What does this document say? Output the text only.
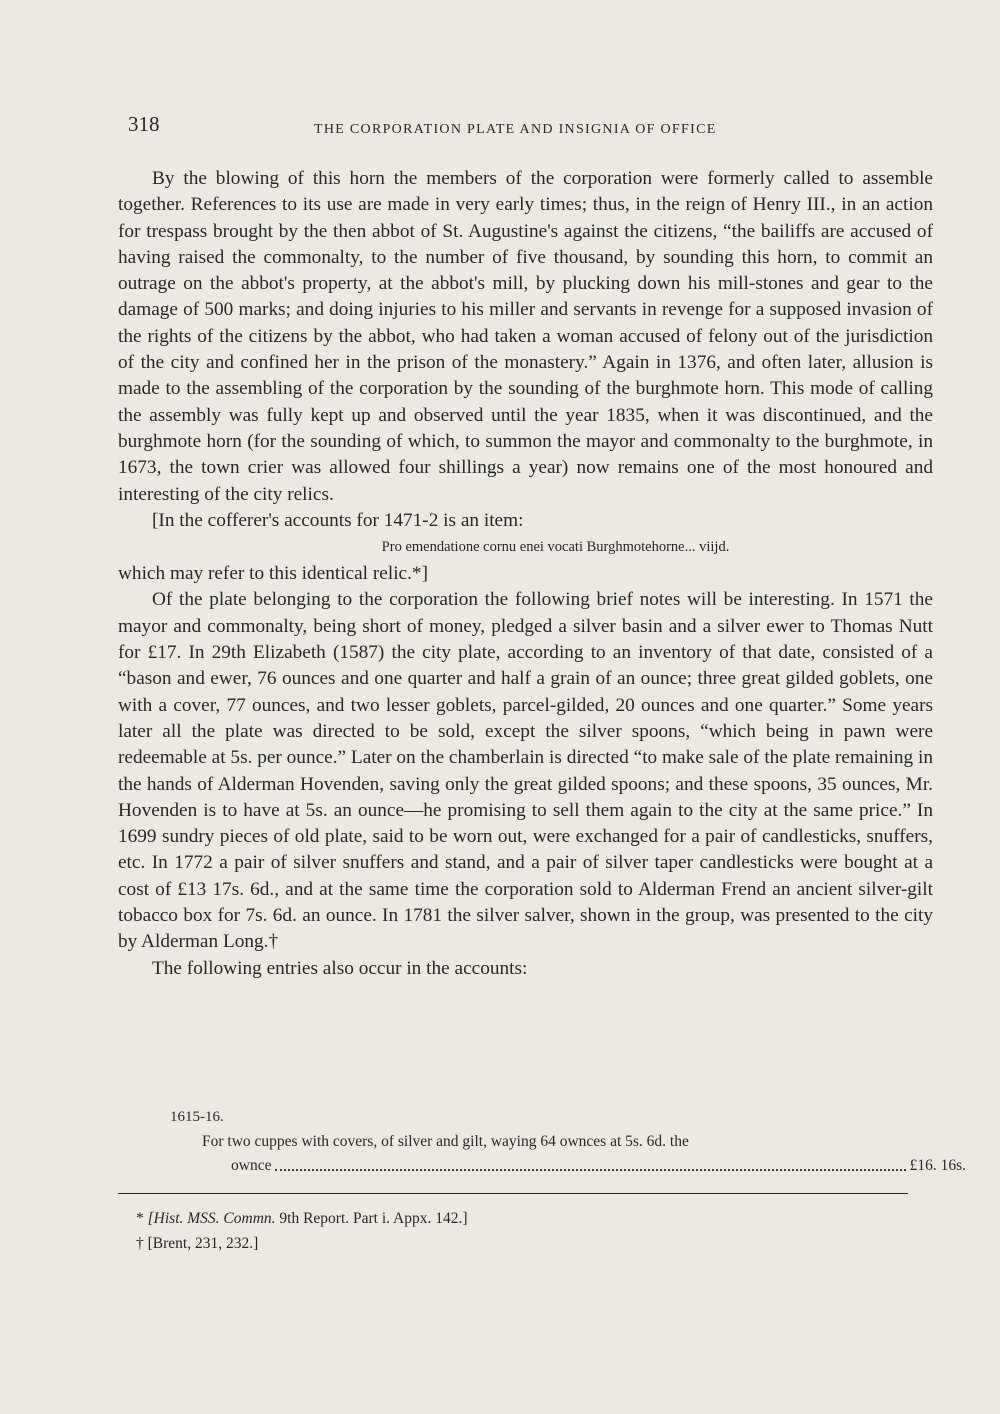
318	THE CORPORATION PLATE AND INSIGNIA OF OFFICE

By the blowing of this horn the members of the corporation were formerly called to assemble together. References to its use are made in very early times; thus, in the reign of Henry III., in an action for trespass brought by the then abbot of St. Augustine's against the citizens, “the bailiffs are accused of having raised the commonalty, to the number of five thousand, by sounding this horn, to commit an outrage on the abbot's property, at the abbot's mill, by plucking down his mill-stones and gear to the damage of 500 marks; and doing injuries to his miller and servants in revenge for a supposed invasion of the rights of the citizens by the abbot, who had taken a woman accused of felony out of the jurisdiction of the city and confined her in the prison of the monastery.” Again in 1376, and often later, allusion is made to the assembling of the corporation by the sounding of the burghmote horn. This mode of calling the assembly was fully kept up and observed until the year 1835, when it was discontinued, and the burghmote horn (for the sounding of which, to summon the mayor and commonalty to the burghmote, in 1673, the town crier was allowed four shillings a year) now remains one of the most honoured and interesting of the city relics.

[In the cofferer's accounts for 1471-2 is an item:

Pro emendatione cornu enei vocati Burghmotehorne... viijd.

which may refer to this identical relic.*]

Of the plate belonging to the corporation the following brief notes will be interesting. In 1571 the mayor and commonalty, being short of money, pledged a silver basin and a silver ewer to Thomas Nutt for £17. In 29th Elizabeth (1587) the city plate, according to an inventory of that date, consisted of a “bason and ewer, 76 ounces and one quarter and half a grain of an ounce; three great gilded goblets, one with a cover, 77 ounces, and two lesser goblets, parcel-gilded, 20 ounces and one quarter.” Some years later all the plate was directed to be sold, except the silver spoons, “which being in pawn were redeemable at 5s. per ounce.” Later on the chamberlain is directed “to make sale of the plate remaining in the hands of Alderman Hovenden, saving only the great gilded spoons; and these spoons, 35 ounces, Mr. Hovenden is to have at 5s. an ounce—he promising to sell them again to the city at the same price.” In 1699 sundry pieces of old plate, said to be worn out, were exchanged for a pair of candlesticks, snuffers, etc. In 1772 a pair of silver snuffers and stand, and a pair of silver taper candlesticks were bought at a cost of £13 17s. 6d., and at the same time the corporation sold to Alderman Frend an ancient silver-gilt tobacco box for 7s. 6d. an ounce. In 1781 the silver salver, shown in the group, was presented to the city by Alderman Long.†

The following entries also occur in the accounts:

1615-16.
For two cuppes with covers, of silver and gilt, waying 64 ownces at 5s. 6d. the
ownce	£16. 16s.
* [Hist. MSS. Commn. 9th Report. Part i. Appx. 142.]
† [Brent, 231, 232.]
